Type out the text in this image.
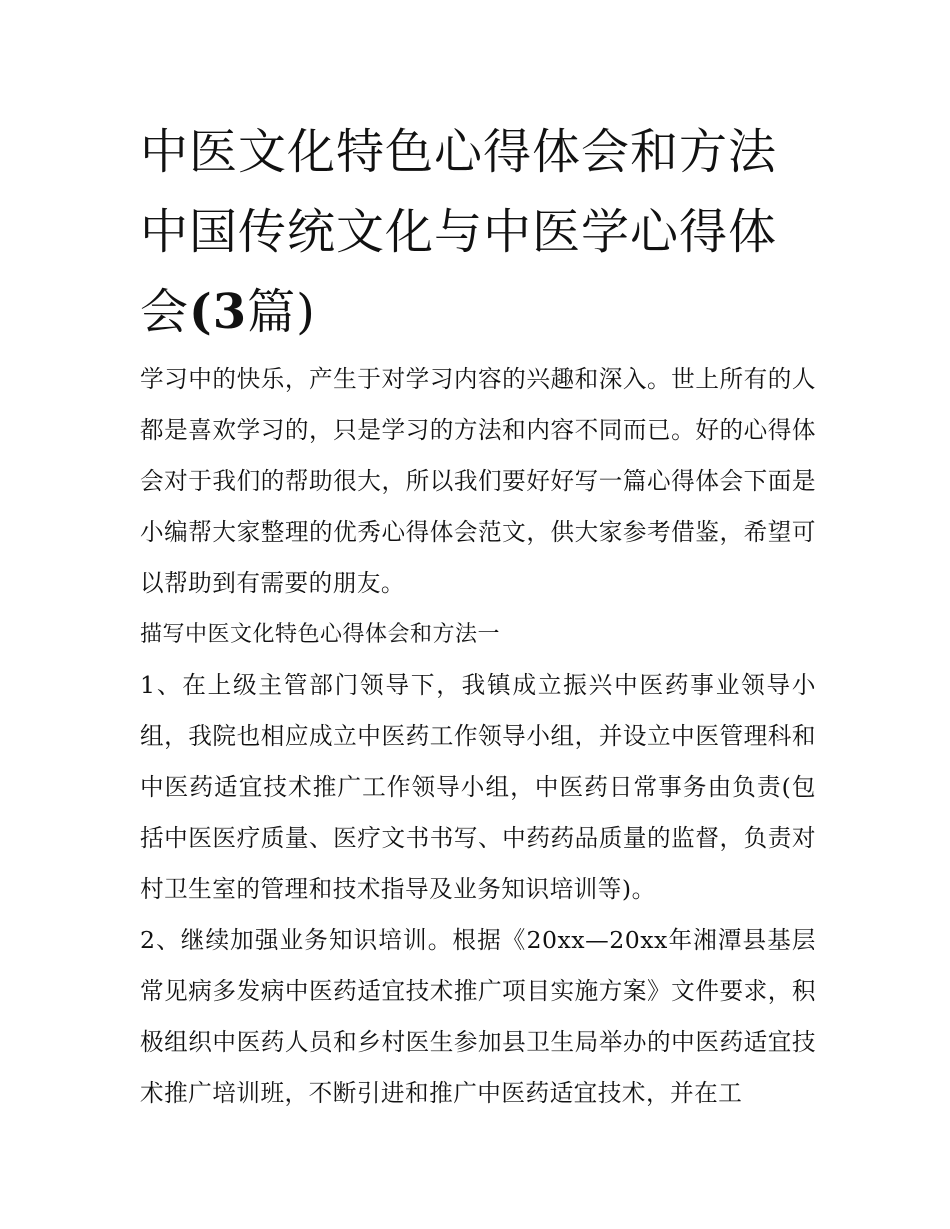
中医文化特色心得体会和方法
中国传统文化与中医学心得体
会(3篇)

学习中的快乐，产生于对学习内容的兴趣和深入。世上所有的人都是喜欢学习的，只是学习的方法和内容不同而已。好的心得体会对于我们的帮助很大，所以我们要好好写一篇心得体会下面是小编帮大家整理的优秀心得体会范文，供大家参考借鉴，希望可以帮助到有需要的朋友。

描写中医文化特色心得体会和方法一

1、在上级主管部门领导下，我镇成立振兴中医药事业领导小组，我院也相应成立中医药工作领导小组，并设立中医管理科和中医药适宜技术推广工作领导小组，中医药日常事务由负责(包括中医医疗质量、医疗文书书写、中药药品质量的监督，负责对村卫生室的管理和技术指导及业务知识培训等)。

2、继续加强业务知识培训。根据《20xx—20xx年湘潭县基层常见病多发病中医药适宜技术推广项目实施方案》文件要求，积极组织中医药人员和乡村医生参加县卫生局举办的中医药适宜技术推广培训班，不断引进和推广中医药适宜技术，并在工
